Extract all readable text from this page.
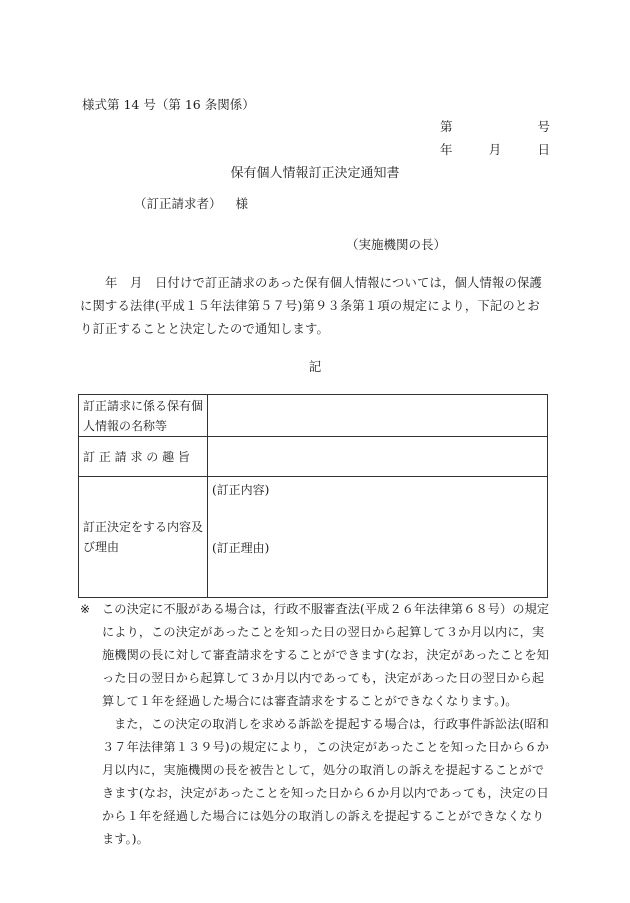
様式第 14 号（第 16 条関係）
第	号
年	月	日
保有個人情報訂正決定通知書
（訂正請求者） 様
（実施機関の長）
年　月　日付けで訂正請求のあった保有個人情報については，個人情報の保護に関する法律(平成１５年法律第５７号)第９３条第１項の規定により，下記のとおり訂正することと決定したので通知します。
記
訂正請求に係る保有個人情報の名称等	
訂 正 請 求 の 趣 旨	
訂正決定をする内容及び理由	(訂正内容)
(訂正理由)

※ この決定に不服がある場合は，行政不服審査法(平成２６年法律第６８号）の規定により，この決定があったことを知った日の翌日から起算して３か月以内に，実施機関の長に対して審査請求をすることができます(なお，決定があったことを知った日の翌日から起算して３か月以内であっても，決定があった日の翌日から起算して１年を経過した場合には審査請求をすることができなくなります。)。

また，この決定の取消しを求める訴訟を提起する場合は，行政事件訴訟法(昭和３７年法律第１３９号)の規定により，この決定があったことを知った日から６か月以内に，実施機関の長を被告として，処分の取消しの訴えを提起することができます(なお，決定があったことを知った日から６か月以内であっても，決定の日から１年を経過した場合には処分の取消しの訴えを提起することができなくなります。)。
